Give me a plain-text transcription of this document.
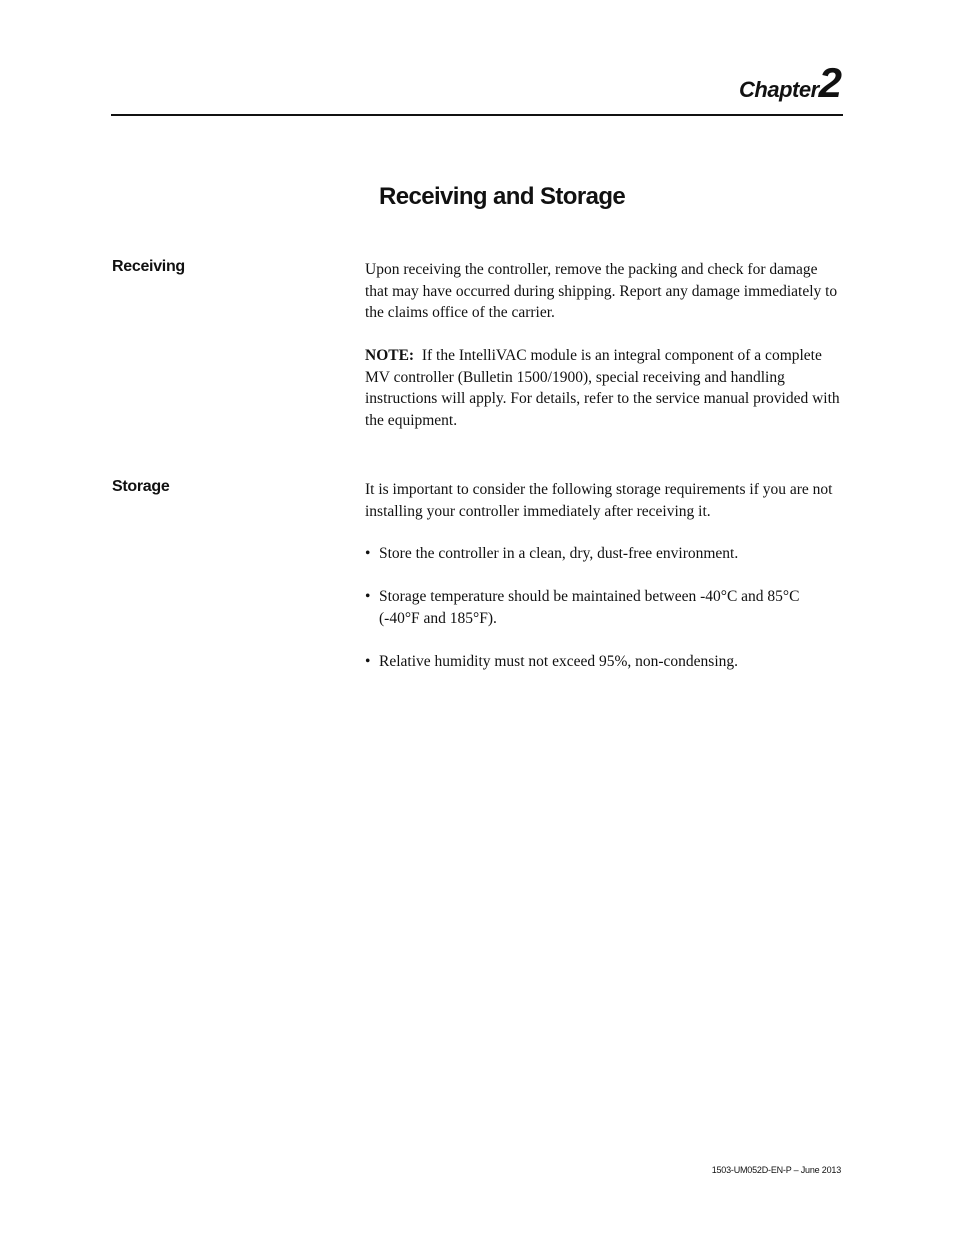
Chapter2
Receiving and Storage
Receiving	Upon receiving the controller, remove the packing and check for damage that may have occurred during shipping. Report any damage immediately to the claims office of the carrier.

NOTE: If the IntelliVAC module is an integral component of a complete MV controller (Bulletin 1500/1900), special receiving and handling instructions will apply. For details, refer to the service manual provided with the equipment.

Storage	It is important to consider the following storage requirements if you are not installing your controller immediately after receiving it.

• Store the controller in a clean, dry, dust-free environment.
• Storage temperature should be maintained between -40°C and 85°C (-40°F and 185°F).
• Relative humidity must not exceed 95%, non-condensing.
1503-UM052D-EN-P – June 2013
